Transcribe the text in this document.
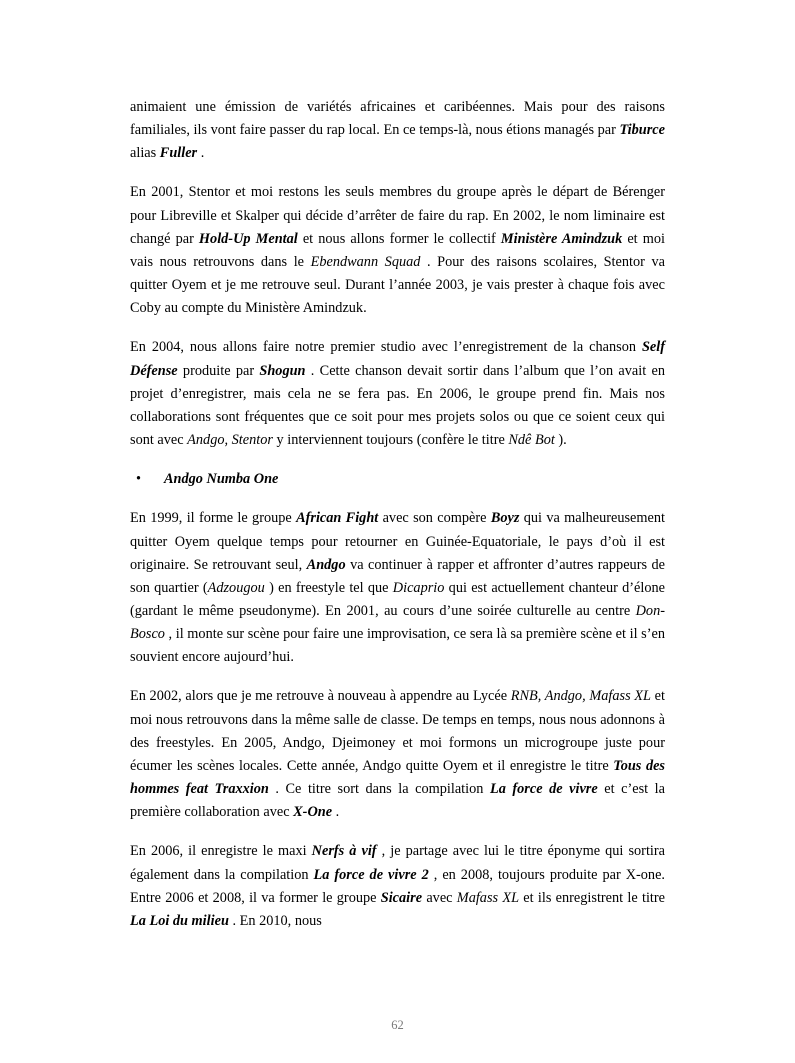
animaient une émission de variétés africaines et caribéennes. Mais pour des raisons familiales, ils vont faire passer du rap local. En ce temps-là, nous étions managés par Tiburce alias Fuller .

En 2001, Stentor et moi restons les seuls membres du groupe après le départ de Bérenger pour Libreville et Skalper qui décide d’arrêter de faire du rap. En 2002, le nom liminaire est changé par Hold-Up Mental et nous allons former le collectif Ministère Amindzuk et moi vais nous retrouvons dans le Ebendwann Squad . Pour des raisons scolaires, Stentor va quitter Oyem et je me retrouve seul. Durant l’année 2003, je vais prester à chaque fois avec Coby au compte du Ministère Amindzuk.

En 2004, nous allons faire notre premier studio avec l’enregistrement de la chanson Self Défense produite par Shogun . Cette chanson devait sortir dans l’album que l’on avait en projet d’enregistrer, mais cela ne se fera pas. En 2006, le groupe prend fin. Mais nos collaborations sont fréquentes que ce soit pour mes projets solos ou que ce soient ceux qui sont avec Andgo, Stentor y interviennent toujours (confère le titre Ndê Bot ).

•	Andgo Numba One

En 1999, il forme le groupe African Fight avec son compère Boyz qui va malheureusement quitter Oyem quelque temps pour retourner en Guinée-Equatoriale, le pays d’où il est originaire. Se retrouvant seul, Andgo va continuer à rapper et affronter d’autres rappeurs de son quartier (Adzougou ) en freestyle tel que Dicaprio qui est actuellement chanteur d’élone (gardant le même pseudonyme). En 2001, au cours d’une soirée culturelle au centre Don-Bosco , il monte sur scène pour faire une improvisation, ce sera là sa première scène et il s’en souvient encore aujourd’hui.

En 2002, alors que je me retrouve à nouveau à appendre au Lycée RNB, Andgo, Mafass XL et moi nous retrouvons dans la même salle de classe. De temps en temps, nous nous adonnons à des freestyles. En 2005, Andgo, Djeimoney et moi formons un microgroupe juste pour écumer les scènes locales. Cette année, Andgo quitte Oyem et il enregistre le titre Tous des hommes feat Traxxion . Ce titre sort dans la compilation La force de vivre et c’est la première collaboration avec X-One .

En 2006, il enregistre le maxi Nerfs à vif , je partage avec lui le titre éponyme qui sortira également dans la compilation La force de vivre 2 , en 2008, toujours produite par X-one. Entre 2006 et 2008, il va former le groupe Sicaire avec Mafass XL et ils enregistrent le titre La Loi du milieu . En 2010, nous

62
